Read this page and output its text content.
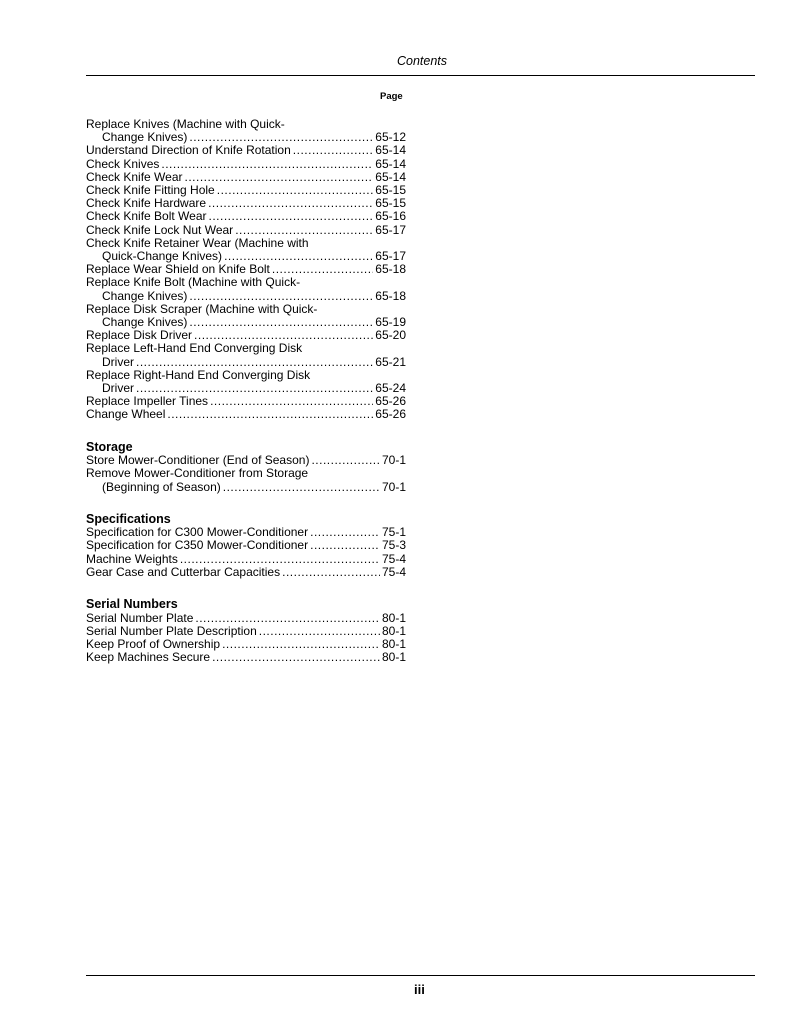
Contents
Page
Replace Knives (Machine with Quick-
Change Knives) .....	65-12
Understand Direction of Knife Rotation .....	65-14
Check Knives .....	65-14
Check Knife Wear .....	65-14
Check Knife Fitting Hole .....	65-15
Check Knife Hardware .....	65-15
Check Knife Bolt Wear .....	65-16
Check Knife Lock Nut Wear .....	65-17
Check Knife Retainer Wear (Machine with
Quick-Change Knives) .....	65-17
Replace Wear Shield on Knife Bolt .....	65-18
Replace Knife Bolt (Machine with Quick-
Change Knives) .....	65-18
Replace Disk Scraper (Machine with Quick-
Change Knives) .....	65-19
Replace Disk Driver .....	65-20
Replace Left-Hand End Converging Disk
Driver .....	65-21
Replace Right-Hand End Converging Disk
Driver .....	65-24
Replace Impeller Tines .....	65-26
Change Wheel .....	65-26
Storage
Store Mower-Conditioner (End of Season) .....	70-1
Remove Mower-Conditioner from Storage
(Beginning of Season) .....	70-1
Specifications
Specification for C300 Mower-Conditioner .....	75-1
Specification for C350 Mower-Conditioner .....	75-3
Machine Weights .....	75-4
Gear Case and Cutterbar Capacities .....	75-4
Serial Numbers
Serial Number Plate .....	80-1
Serial Number Plate Description .....	80-1
Keep Proof of Ownership .....	80-1
Keep Machines Secure .....	80-1
iii
